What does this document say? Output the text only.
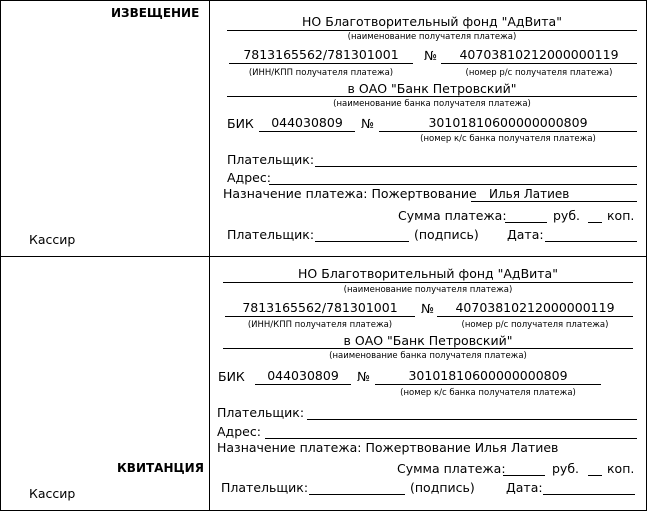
ИЗВЕЩЕНИЕ
Кассир
НО Благотворительный фонд "АдВита"
(наименование получателя платежа)
7813165562/781301001
(ИНН/КПП получателя платежа)
№	40703810212000000119
(номер р/с получателя платежа)
в ОАО "Банк Петровский"
(наименование банка получателя платежа)
БИК	044030809	№	30101810600000000809
(номер к/с банка получателя платежа)
Плательщик:
Адрес:
Назначение платежа: Пожертвование Илья Латиев
Сумма платежа:	руб. коп.
Плательщик:	(подпись) Дата:
КВИТАНЦИЯ
Кассир
НО Благотворительный фонд "АдВита"
(наименование получателя платежа)
7813165562/781301001
(ИНН/КПП получателя платежа)
№	40703810212000000119
(номер р/с получателя платежа)
в ОАО "Банк Петровский"
(наименование банка получателя платежа)
БИК	044030809	№	30101810600000000809
(номер к/с банка получателя платежа)
Плательщик:
Адрес:
Назначение платежа: Пожертвование Илья Латиев
Сумма платежа:	руб. коп.
Плательщик:	(подпись) Дата:
